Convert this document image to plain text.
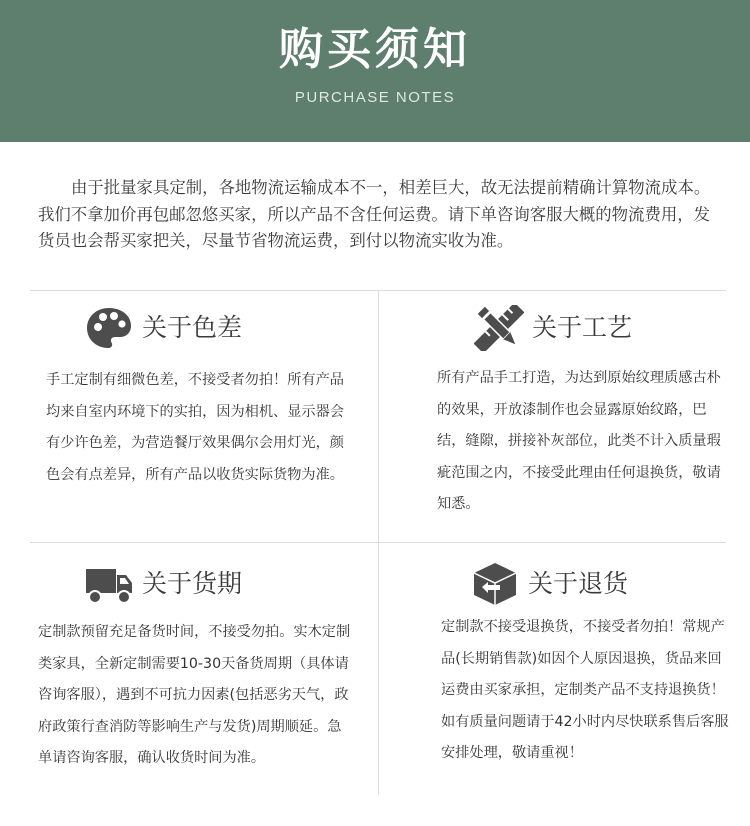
购买须知
PURCHASE NOTES

由于批量家具定制，各地物流运输成本不一，相差巨大，故无法提前精确计算物流成本。我们不拿加价再包邮忽悠买家，所以产品不含任何运费。请下单咨询客服大概的物流费用，发货员也会帮买家把关，尽量节省物流运费，到付以物流实收为准。

关于色差

手工定制有细微色差，不接受者勿拍！所有产品均来自室内环境下的实拍，因为相机、显示器会有少许色差，为营造餐厅效果偶尔会用灯光，颜色会有点差异，所有产品以收货实际货物为准。

关于工艺

所有产品手工打造，为达到原始纹理质感古朴的效果，开放漆制作也会显露原始纹路，巴结，缝隙，拼接补灰部位，此类不计入质量瑕疵范围之内，不接受此理由任何退换货，敬请知悉。

关于货期

定制款预留充足备货时间，不接受勿拍。实木定制类家具，全新定制需要10-30天备货周期（具体请咨询客服），遇到不可抗力因素(包括恶劣天气，政府政策行查消防等影响生产与发货)周期顺延。急单请咨询客服，确认收货时间为准。

关于退货

定制款不接受退换货，不接受者勿拍！常规产品(长期销售款)如因个人原因退换，货品来回运费由买家承担，定制类产品不支持退换货！如有质量问题请于42小时内尽快联系售后客服安排处理，敬请重视！
